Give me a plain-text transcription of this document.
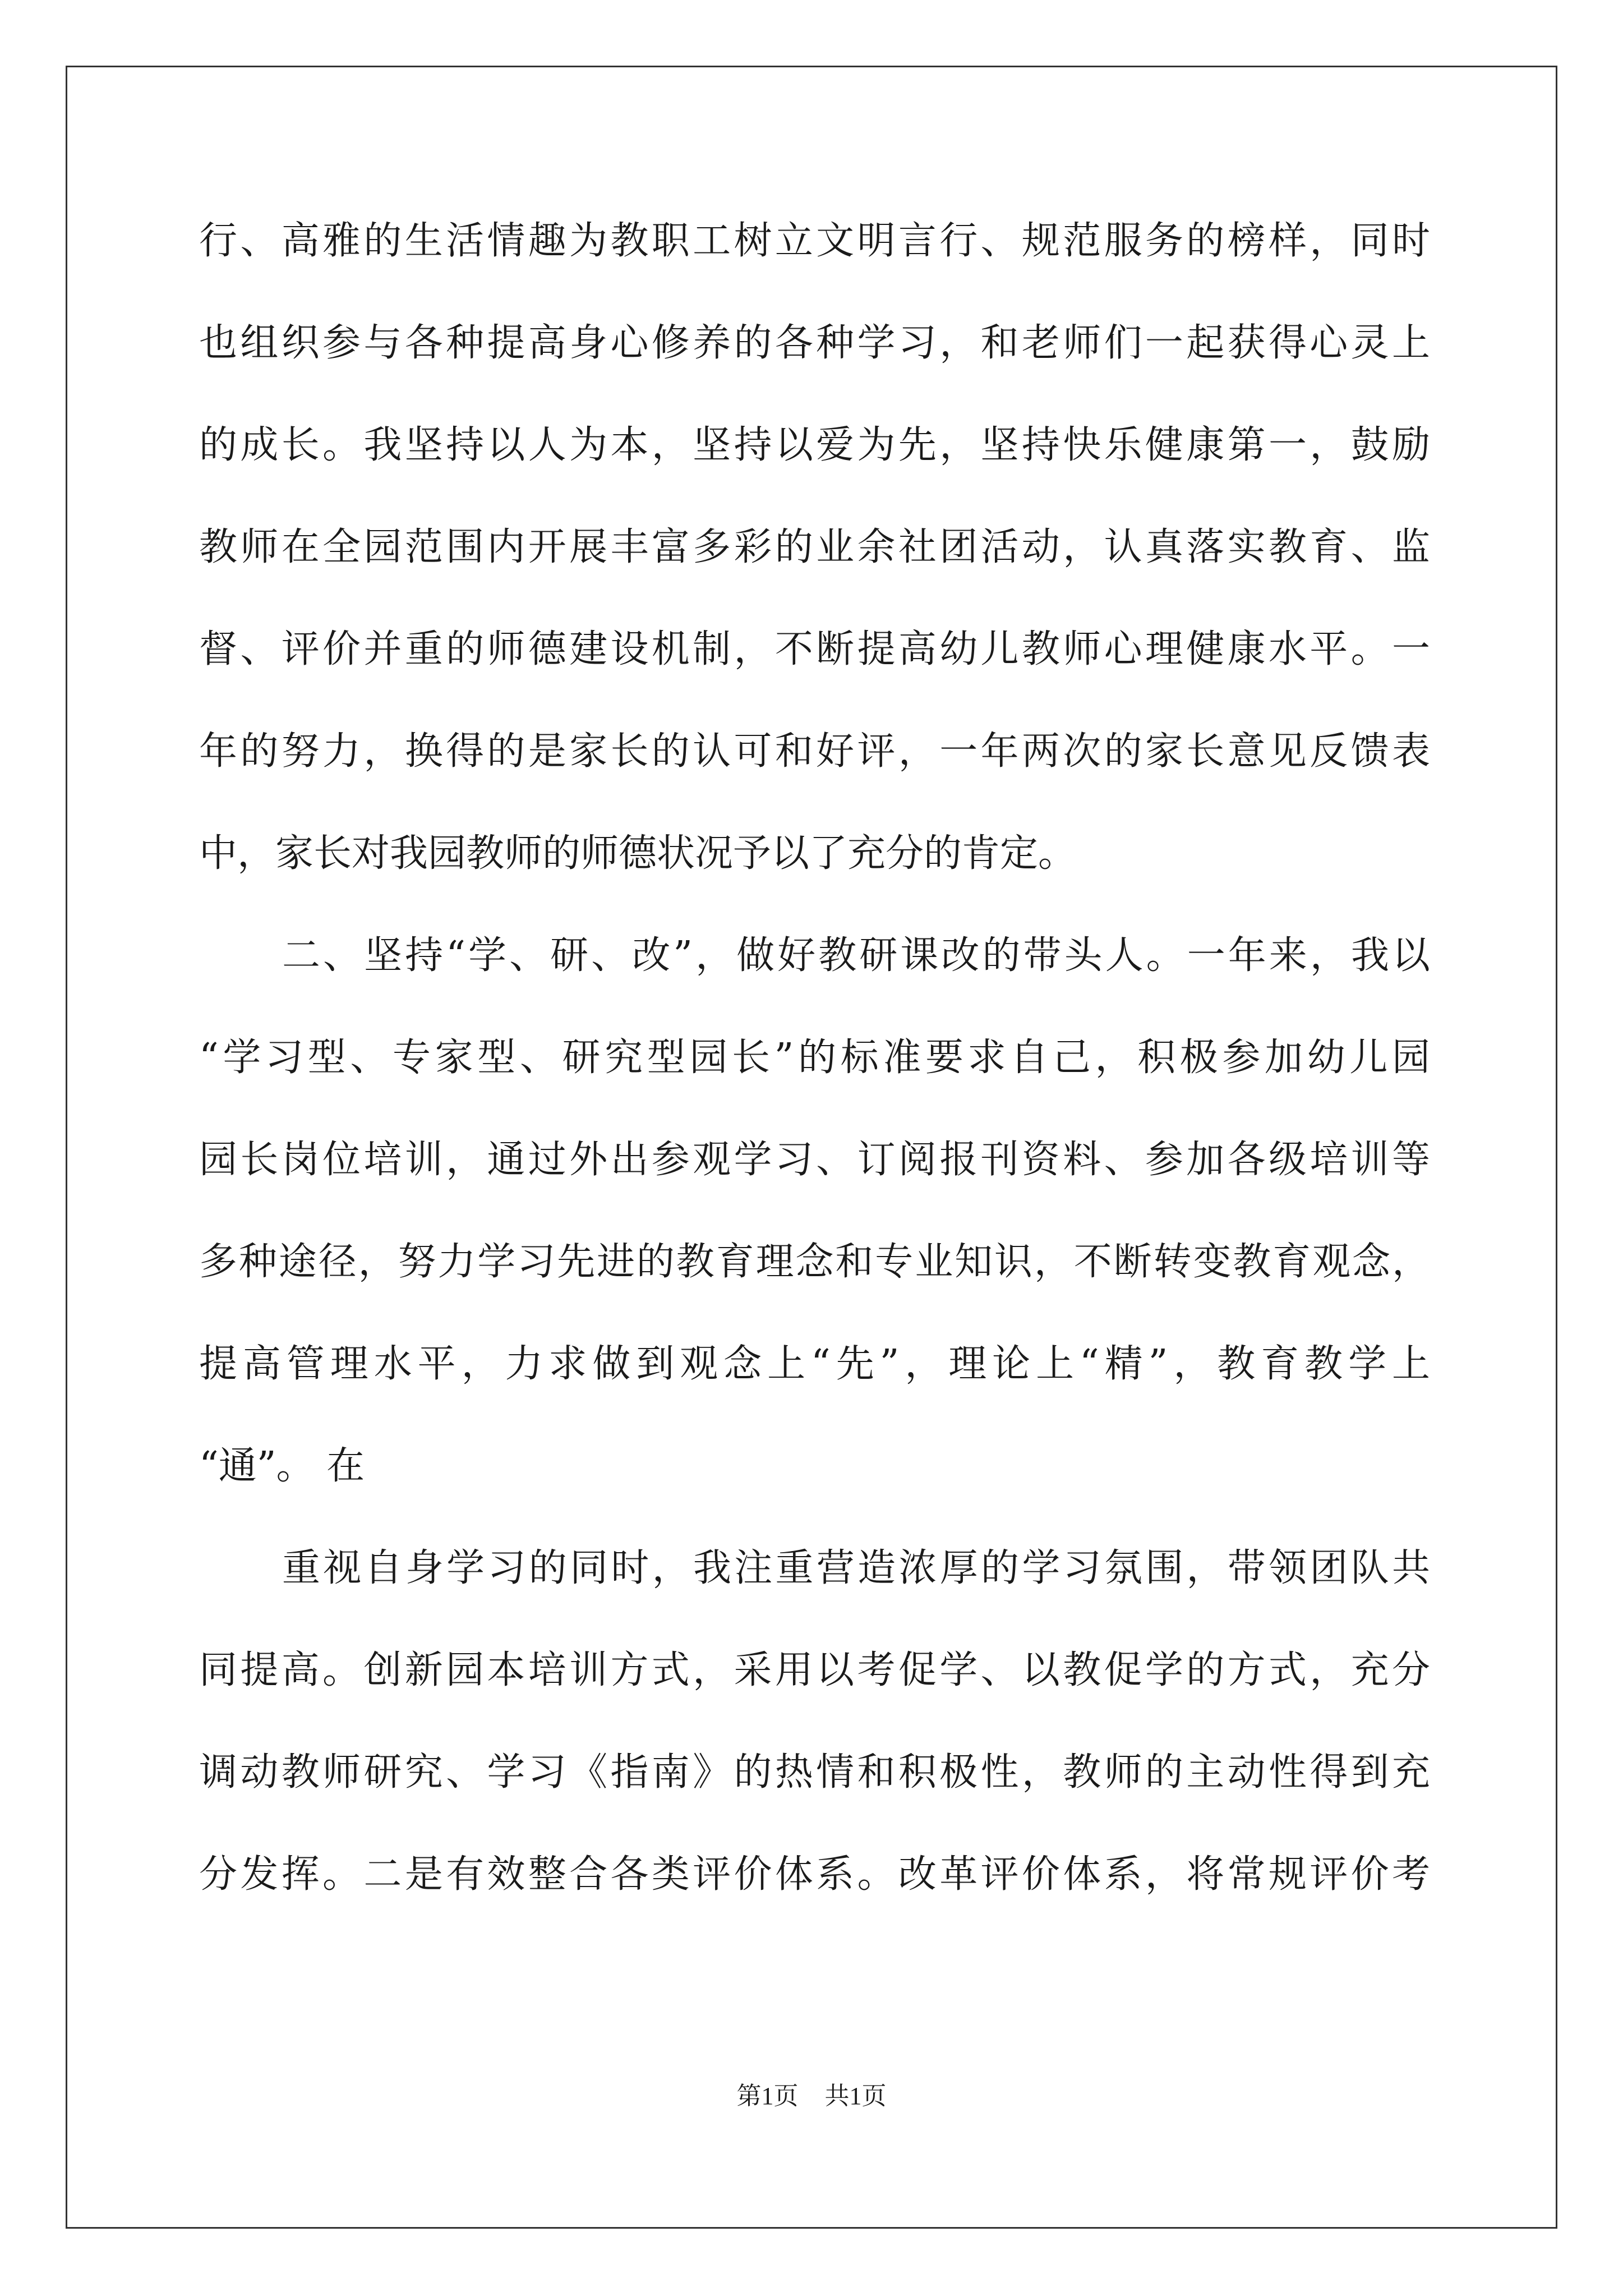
行、高雅的生活情趣为教职工树立文明言行、规范服务的榜样，同时
也组织参与各种提高身心修养的各种学习，和老师们一起获得心灵上
的成长。我坚持以人为本，坚持以爱为先，坚持快乐健康第一，鼓励
教师在全园范围内开展丰富多彩的业余社团活动，认真落实教育、监
督、评价并重的师德建设机制，不断提高幼儿教师心理健康水平。一
年的努力，换得的是家长的认可和好评，一年两次的家长意见反馈表
中，家长对我园教师的师德状况予以了充分的肯定。
二、坚持“学、研、改”，做好教研课改的带头人。一年来，我以
“学习型、专家型、研究型园长”的标准要求自己，积极参加幼儿园
园长岗位培训，通过外出参观学习、订阅报刊资料、参加各级培训等
多种途径，努力学习先进的教育理念和专业知识，不断转变教育观念，
提高管理水平，力求做到观念上“先”，理论上“精”，教育教学上
“通”。 在
重视自身学习的同时，我注重营造浓厚的学习氛围，带领团队共
同提高。创新园本培训方式，采用以考促学、以教促学的方式，充分
调动教师研究、学习《指南》的热情和积极性，教师的主动性得到充
分发挥。二是有效整合各类评价体系。改革评价体系，将常规评价考
第1页 共1页
